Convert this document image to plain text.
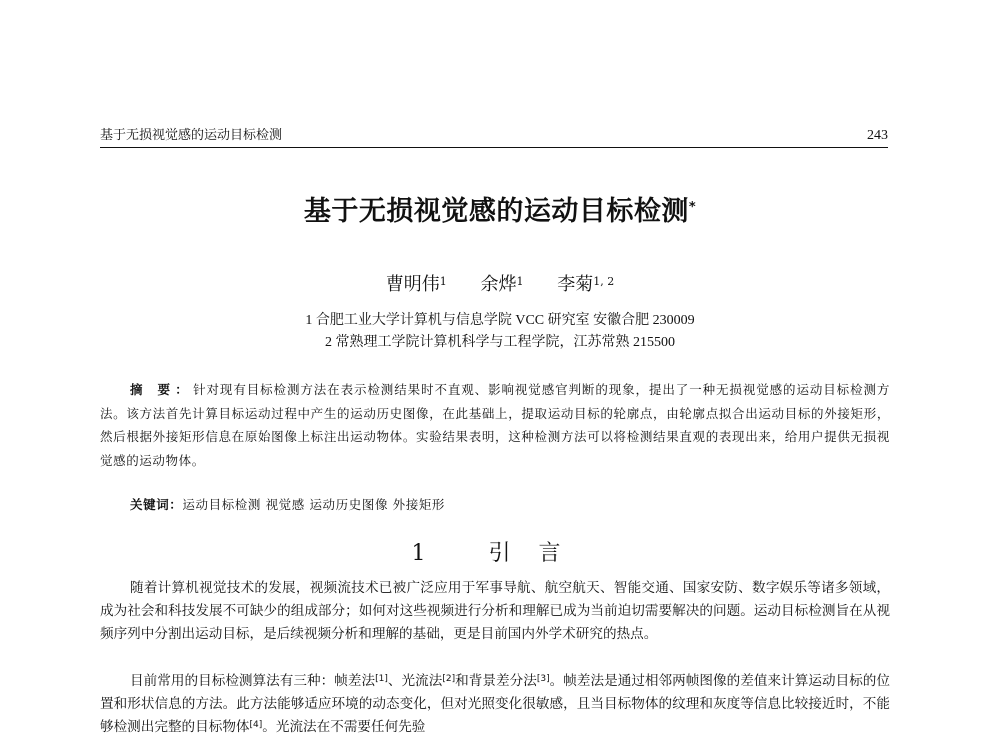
基于无损视觉感的运动目标检测	243
基于无损视觉感的运动目标检测*
曹明伟$^1$ 余烨$^1$ 李菊$^{1, 2}$
1 合肥工业大学计算机与信息学院 VCC 研究室 安徽合肥 230009
2 常熟理工学院计算机科学与工程学院，江苏常熟 215500
摘 要：针对现有目标检测方法在表示检测结果时不直观、影响视觉感官判断的现象，提出了一种无损视觉感的运动目标检测方法。该方法首先计算目标运动过程中产生的运动历史图像，在此基础上，提取运动目标的轮廓点，由轮廓点拟合出运动目标的外接矩形，然后根据外接矩形信息在原始图像上标注出运动物体。实验结果表明，这种检测方法可以将检测结果直观的表现出来，给用户提供无损视觉感的运动物体。
关键词：运动目标检测 视觉感 运动历史图像 外接矩形
1 引言

随着计算机视觉技术的发展，视频流技术已被广泛应用于军事导航、航空航天、智能交通、国家安防、数字娱乐等诸多领域，成为社会和科技发展不可缺少的组成部分；如何对这些视频进行分析和理解已成为当前迫切需要解决的问题。运动目标检测旨在从视频序列中分割出运动目标，是后续视频分析和理解的基础，更是目前国内外学术研究的热点。

目前常用的目标检测算法有三种：帧差法[1]、光流法[2]和背景差分法[3]。帧差法是通过相邻两帧图像的差值来计算运动目标的位置和形状信息的方法。此方法能够适应环境的动态变化，但对光照变化很敏感，且当目标物体的纹理和灰度等信息比较接近时，不能够检测出完整的目标物体[4]。光流法在不需要任何先验
